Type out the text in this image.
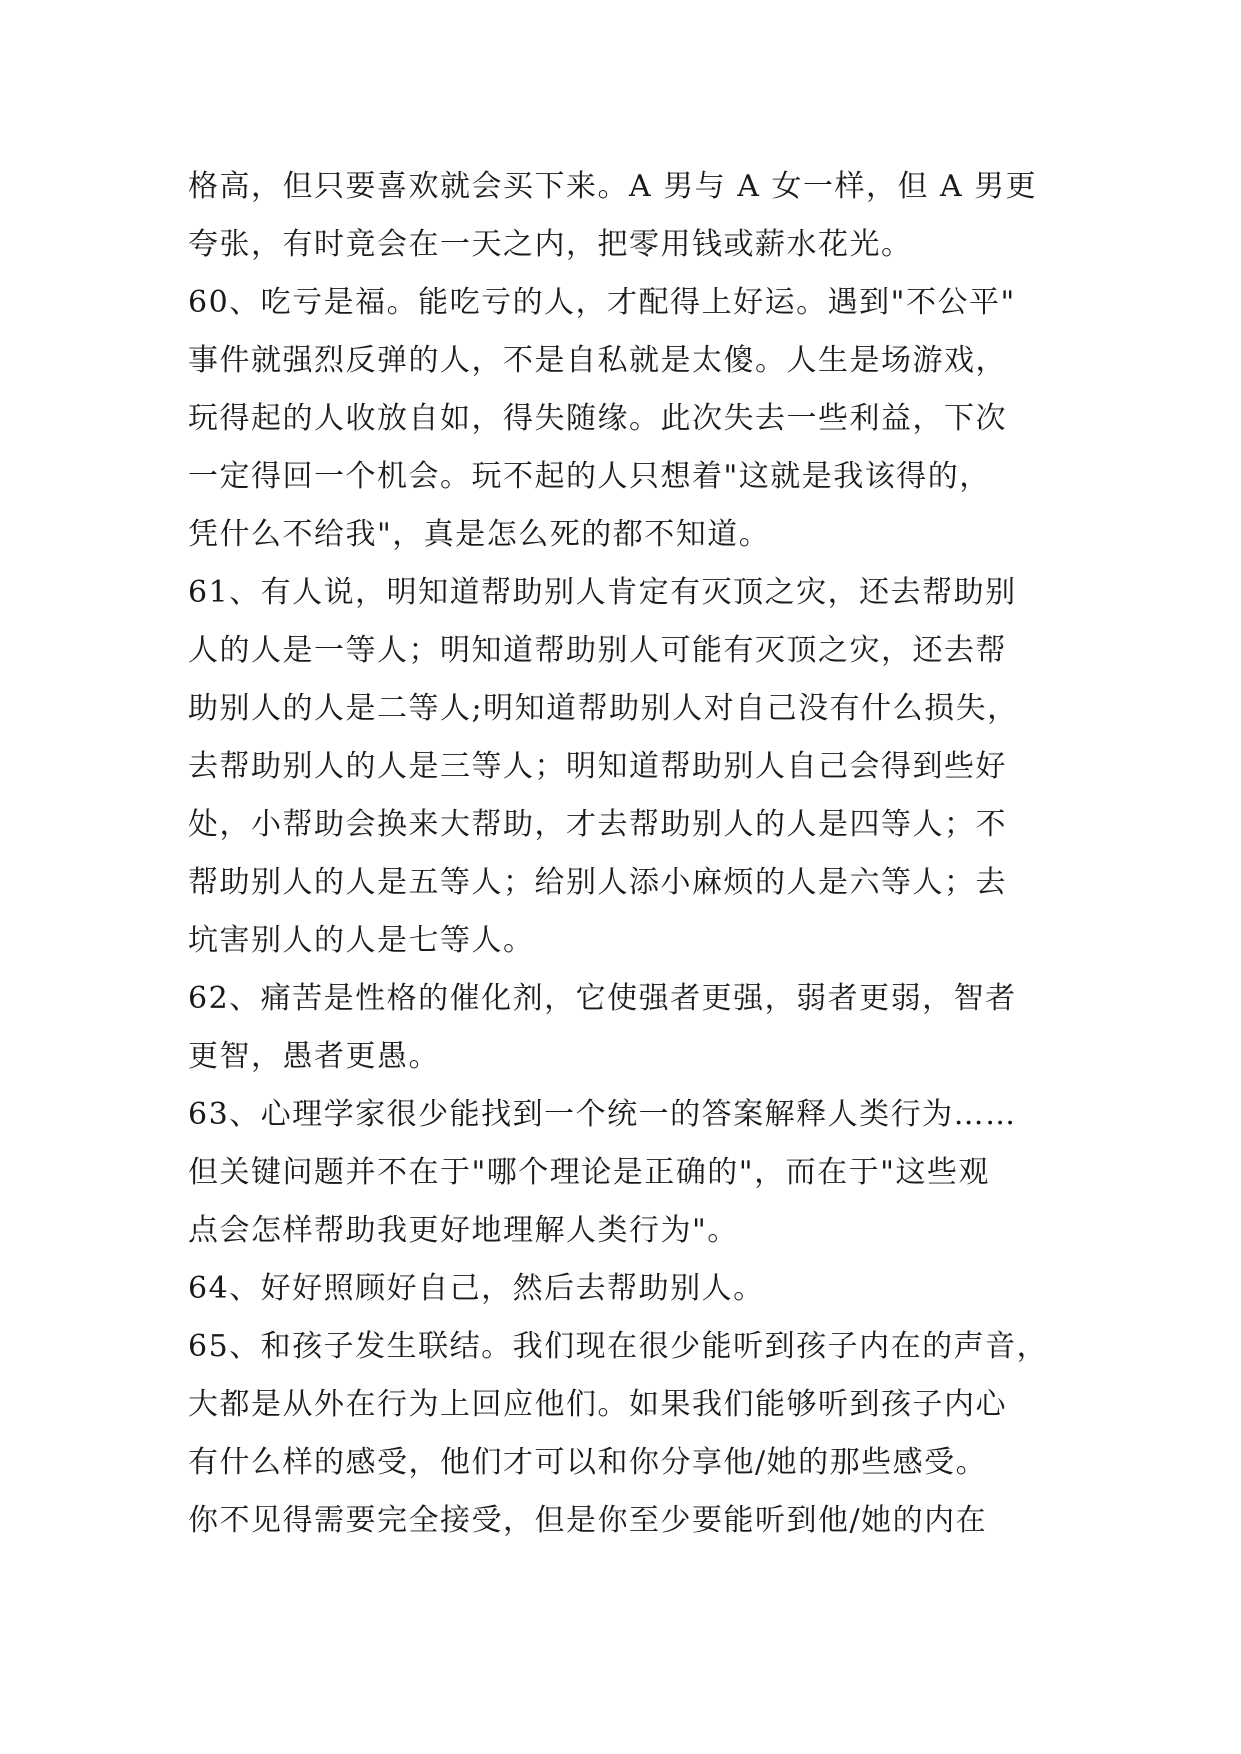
格高，但只要喜欢就会买下来。A 男与 A 女一样，但 A 男更
夸张，有时竟会在一天之内，把零用钱或薪水花光。
60、吃亏是福。能吃亏的人，才配得上好运。遇到"不公平"
事件就强烈反弹的人，不是自私就是太傻。人生是场游戏，
玩得起的人收放自如，得失随缘。此次失去一些利益，下次
一定得回一个机会。玩不起的人只想着"这就是我该得的，
凭什么不给我"，真是怎么死的都不知道。
61、有人说，明知道帮助别人肯定有灭顶之灾，还去帮助别
人的人是一等人；明知道帮助别人可能有灭顶之灾，还去帮
助别人的人是二等人;明知道帮助别人对自己没有什么损失，
去帮助别人的人是三等人；明知道帮助别人自己会得到些好
处，小帮助会换来大帮助，才去帮助别人的人是四等人；不
帮助别人的人是五等人；给别人添小麻烦的人是六等人；去
坑害别人的人是七等人。
62、痛苦是性格的催化剂，它使强者更强，弱者更弱，智者
更智，愚者更愚。
63、心理学家很少能找到一个统一的答案解释人类行为……
但关键问题并不在于"哪个理论是正确的"，而在于"这些观
点会怎样帮助我更好地理解人类行为"。
64、好好照顾好自己，然后去帮助别人。
65、和孩子发生联结。我们现在很少能听到孩子内在的声音，
大都是从外在行为上回应他们。如果我们能够听到孩子内心
有什么样的感受，他们才可以和你分享他/她的那些感受。
你不见得需要完全接受，但是你至少要能听到他/她的内在
